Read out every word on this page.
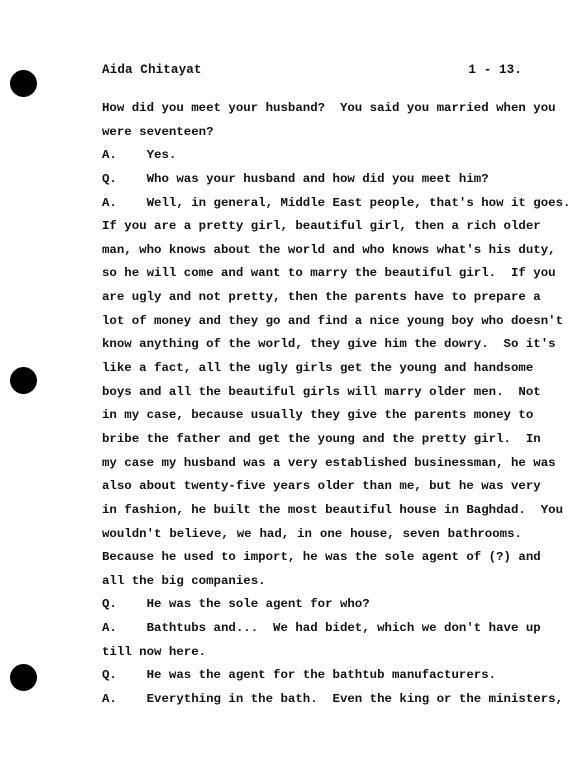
Aida Chitayat	1 - 13.
How did you meet your husband?  You said you married when you
were seventeen?
A.    Yes.
Q.    Who was your husband and how did you meet him?
A.    Well, in general, Middle East people, that's how it goes.
If you are a pretty girl, beautiful girl, then a rich older
man, who knows about the world and who knows what's his duty,
so he will come and want to marry the beautiful girl.  If you
are ugly and not pretty, then the parents have to prepare a
lot of money and they go and find a nice young boy who doesn't
know anything of the world, they give him the dowry.  So it's
like a fact, all the ugly girls get the young and handsome
boys and all the beautiful girls will marry older men.  Not
in my case, because usually they give the parents money to
bribe the father and get the young and the pretty girl.  In
my case my husband was a very established businessman, he was
also about twenty-five years older than me, but he was very
in fashion, he built the most beautiful house in Baghdad.  You
wouldn't believe, we had, in one house, seven bathrooms.
Because he used to import, he was the sole agent of (?) and
all the big companies.
Q.    He was the sole agent for who?
A.    Bathtubs and...  We had bidet, which we don't have up
till now here.
Q.    He was the agent for the bathtub manufacturers.
A.    Everything in the bath.  Even the king or the ministers,
